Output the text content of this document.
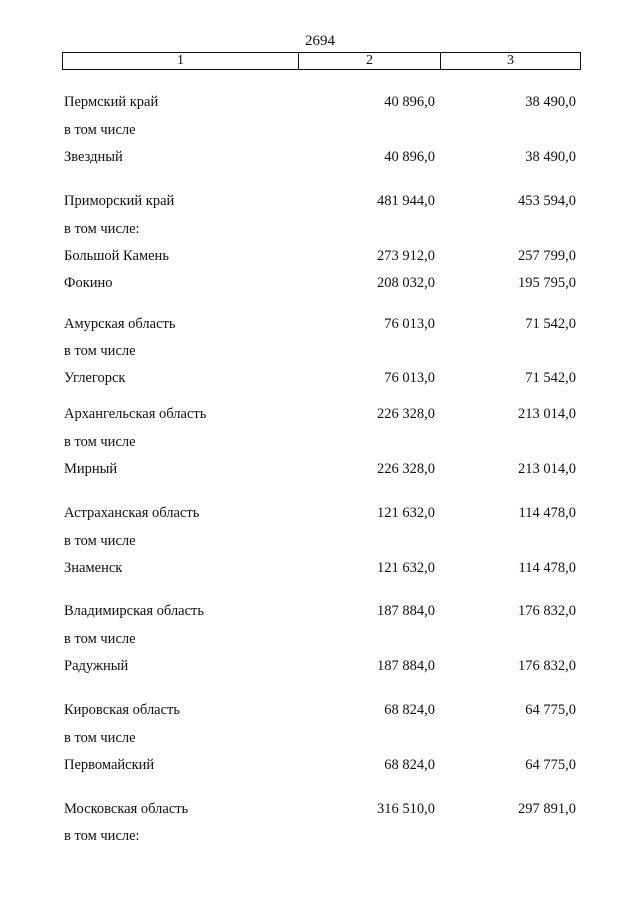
2694
1	2	3
Пермский край	40 896,0	38 490,0
в том числе
Звездный	40 896,0	38 490,0
Приморский край	481 944,0	453 594,0
в том числе:
Большой Камень	273 912,0	257 799,0
Фокино	208 032,0	195 795,0
Амурская область	76 013,0	71 542,0
в том числе
Углегорск	76 013,0	71 542,0
Архангельская область	226 328,0	213 014,0
в том числе
Мирный	226 328,0	213 014,0
Астраханская область	121 632,0	114 478,0
в том числе
Знаменск	121 632,0	114 478,0
Владимирская область	187 884,0	176 832,0
в том числе
Радужный	187 884,0	176 832,0
Кировская область	68 824,0	64 775,0
в том числе
Первомайский	68 824,0	64 775,0
Московская область	316 510,0	297 891,0
в том числе:
